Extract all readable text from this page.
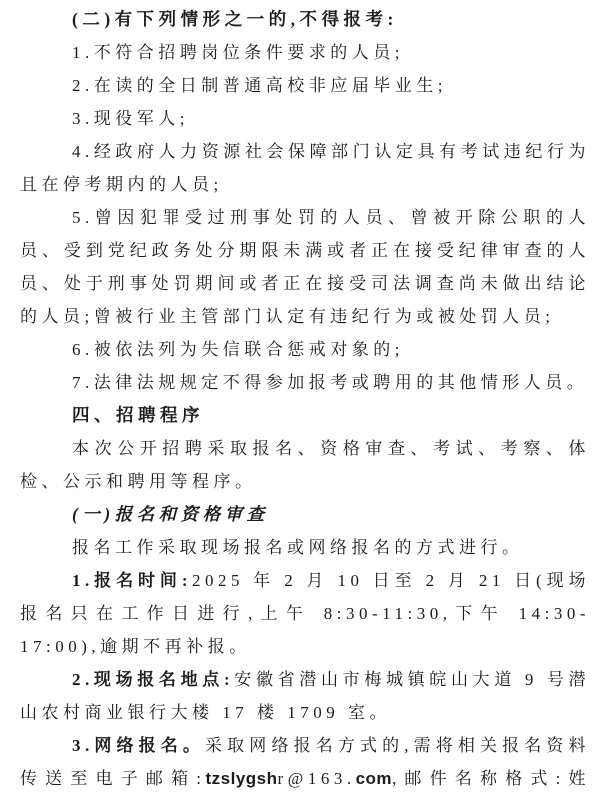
(二)有下列情形之一的,不得报考:

1.不符合招聘岗位条件要求的人员;

2.在读的全日制普通高校非应届毕业生;

3.现役军人;

4.经政府人力资源社会保障部门认定具有考试违纪行为且在停考期内的人员;

5.曾因犯罪受过刑事处罚的人员、曾被开除公职的人员、受到党纪政务处分期限未满或者正在接受纪律审查的人员、处于刑事处罚期间或者正在接受司法调查尚未做出结论的人员;曾被行业主管部门认定有违纪行为或被处罚人员;

6.被依法列为失信联合惩戒对象的;

7.法律法规规定不得参加报考或聘用的其他情形人员。

四、招聘程序

本次公开招聘采取报名、资格审查、考试、考察、体检、公示和聘用等程序。

(一)报名和资格审查

报名工作采取现场报名或网络报名的方式进行。

1.报名时间:2025 年 2 月 10 日至 2 月 21 日(现场报名只在工作日进行,上午 8:30-11:30,下午 14:30-17:00),逾期不再补报。

2.现场报名地点:安徽省潜山市梅城镇皖山大道 9 号潜山农村商业银行大楼 17 楼 1709 室。

3.网络报名。采取网络报名方式的,需将相关报名资料传送至电子邮箱:tzslygshr@163.com,邮件名称格式:姓
